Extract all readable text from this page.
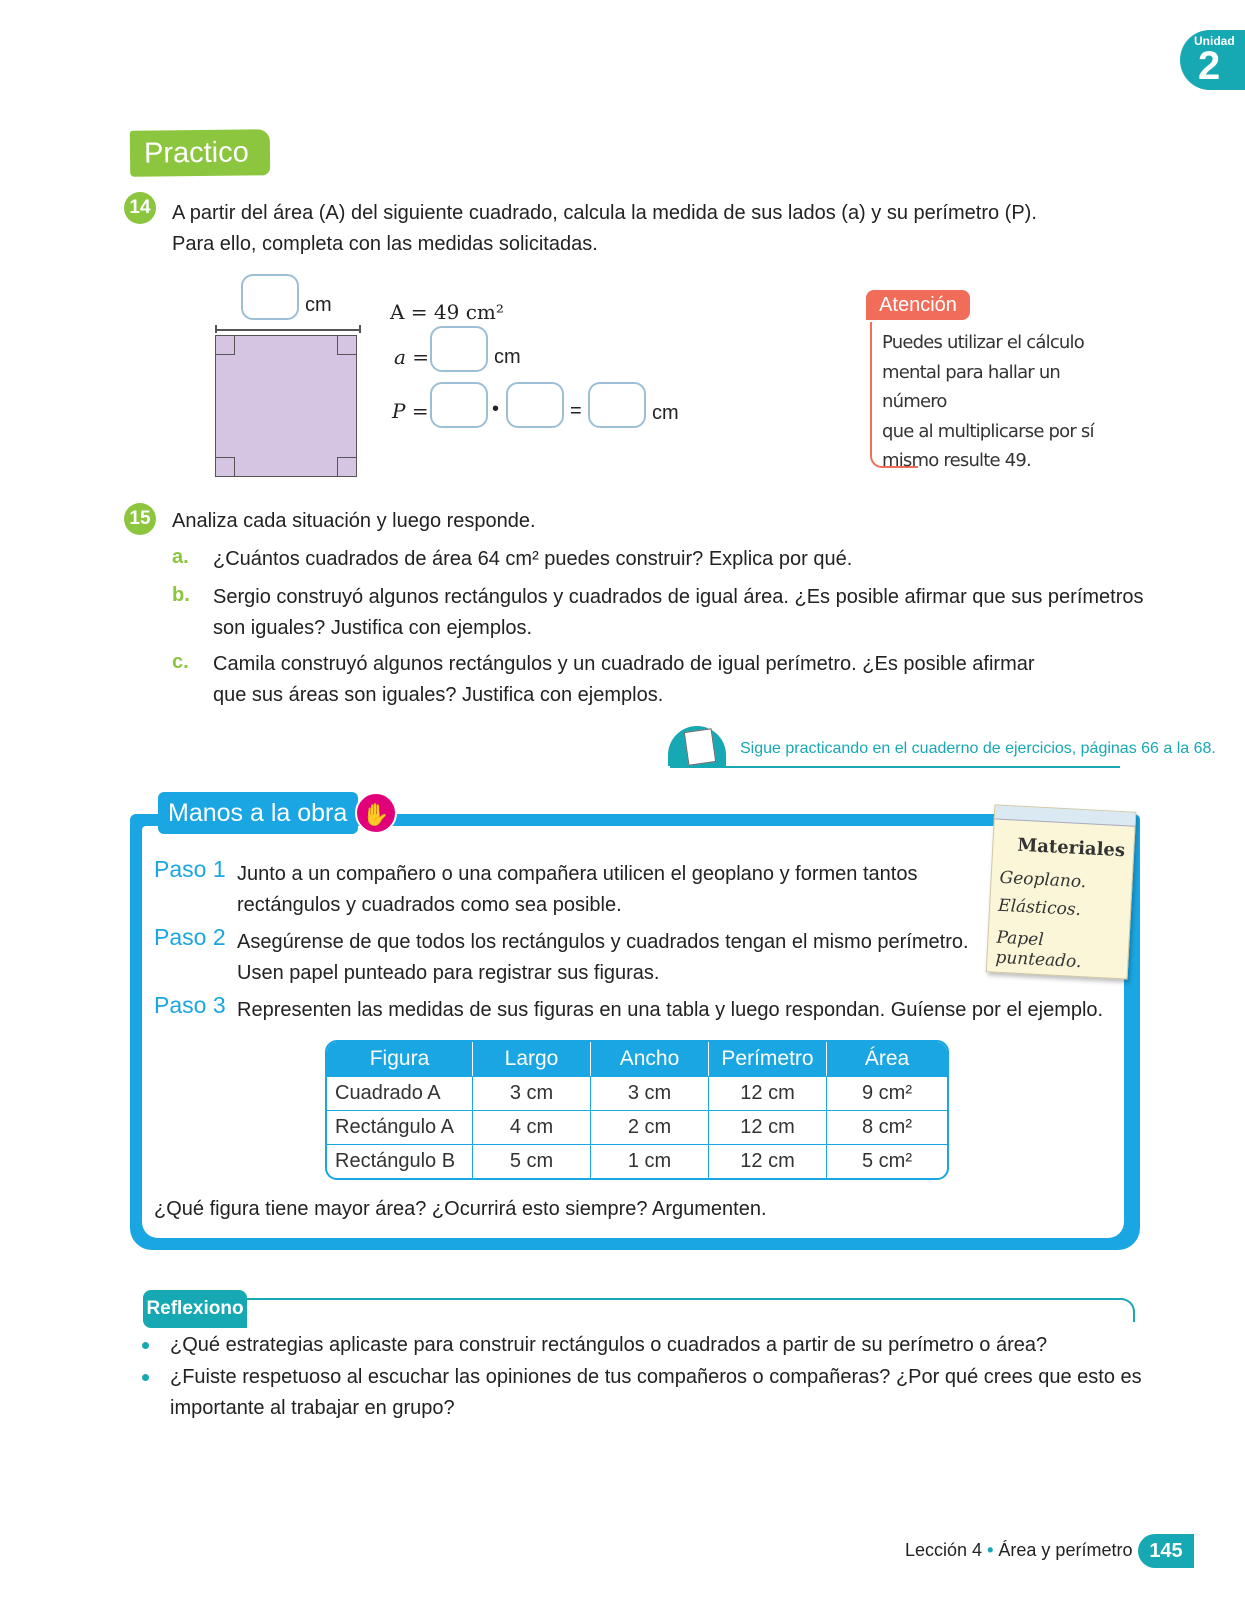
Unidad
2
Practico
14 A partir del área (A) del siguiente cuadrado, calcula la medida de sus lados (a) y su perímetro (P).
Para ello, completa con las medidas solicitadas.
cm	A = 49 cm²
a =	cm
P =	•	=	cm
Atención
Puedes utilizar el cálculo
mental para hallar un número
que al multiplicarse por sí
mismo resulte 49.
15 Analiza cada situación y luego responde.
a. ¿Cuántos cuadrados de área 64 cm² puedes construir? Explica por qué.
b. Sergio construyó algunos rectángulos y cuadrados de igual área. ¿Es posible afirmar que sus perímetros
son iguales? Justifica con ejemplos.
c. Camila construyó algunos rectángulos y un cuadrado de igual perímetro. ¿Es posible afirmar
que sus áreas son iguales? Justifica con ejemplos.
Sigue practicando en el cuaderno de ejercicios, páginas 66 a la 68.
Manos a la obra ✋
Paso 1 Junto a un compañero o una compañera utilicen el geoplano y formen tantos
rectángulos y cuadrados como sea posible.
Paso 2 Asegúrense de que todos los rectángulos y cuadrados tengan el mismo perímetro.
Usen papel punteado para registrar sus figuras.
Paso 3 Representen las medidas de sus figuras en una tabla y luego respondan. Guíense por el ejemplo.
Materiales
Geoplano.
Elásticos.
Papel punteado.
Figura	Largo	Ancho	Perímetro	Área
Cuadrado A	3 cm	3 cm	12 cm	9 cm²
Rectángulo A	4 cm	2 cm	12 cm	8 cm²
Rectángulo B	5 cm	1 cm	12 cm	5 cm²
¿Qué figura tiene mayor área? ¿Ocurrirá esto siempre? Argumenten.
Reflexiono
¿Qué estrategias aplicaste para construir rectángulos o cuadrados a partir de su perímetro o área?
¿Fuiste respetuoso al escuchar las opiniones de tus compañeros o compañeras? ¿Por qué crees que esto es
importante al trabajar en grupo?
Lección 4 • Área y perímetro 145
